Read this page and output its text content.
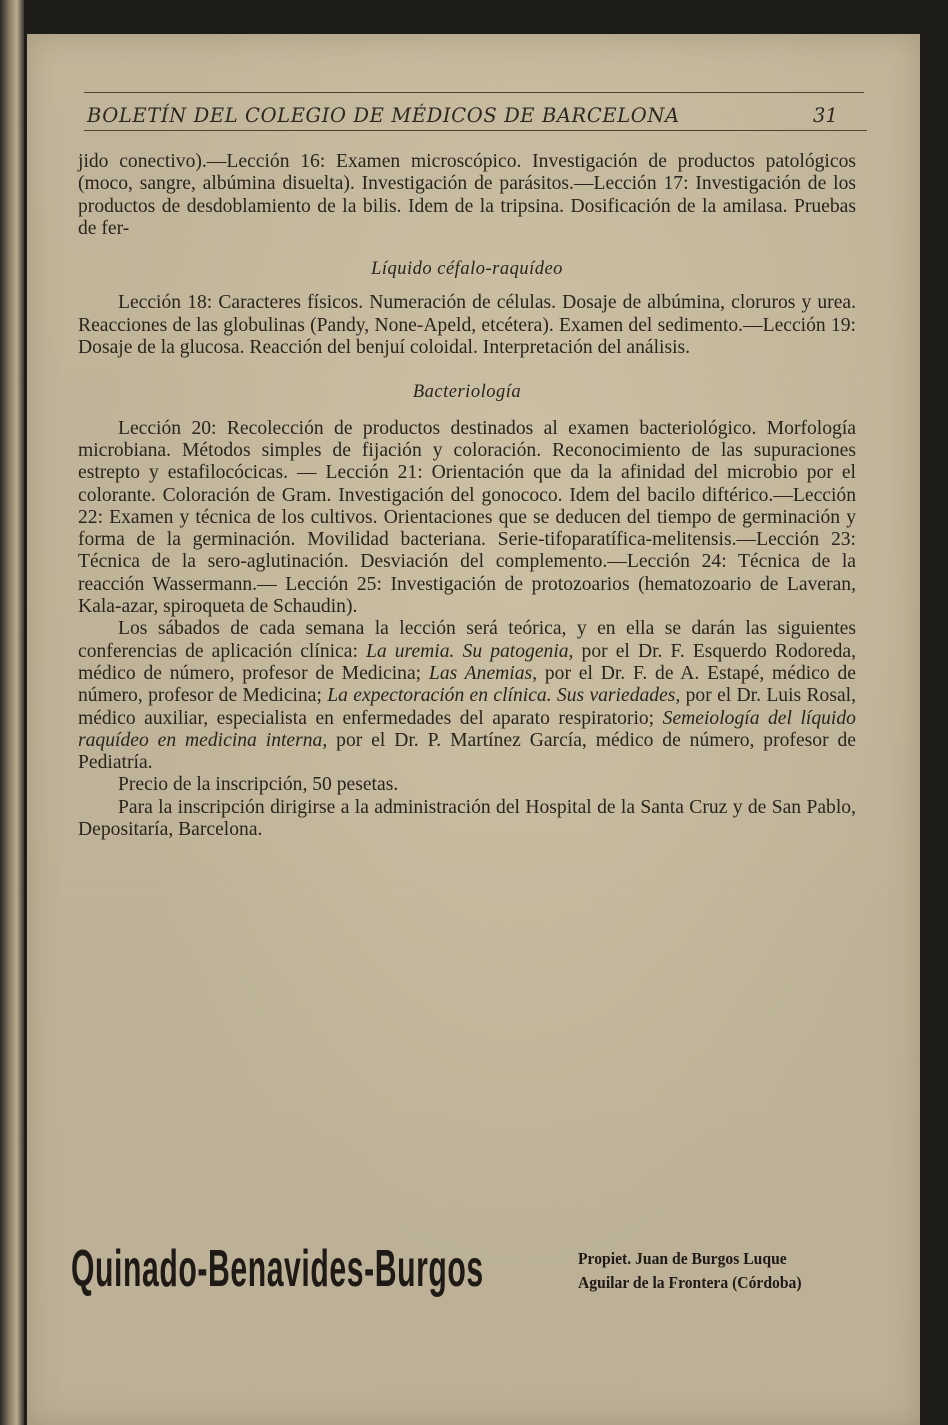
BOLETÍN DEL COLEGIO DE MÉDICOS DE BARCELONA	31

jido conectivo).—Lección 16: Examen microscópico. Investigación de productos patológicos (moco, sangre, albúmina disuelta). Investigación de parásitos.—Lección 17: Investigación de los productos de desdoblamiento de la bilis. Idem de la tripsina. Dosificación de la amilasa. Pruebas de fer-

Líquido céfalo-raquídeo

Lección 18: Caracteres físicos. Numeración de células. Dosaje de albúmina, cloruros y urea. Reacciones de las globulinas (Pandy, None-Apeld, etcétera). Examen del sedimento.—Lección 19: Dosaje de la glucosa. Reacción del benjuí coloidal. Interpretación del análisis.

Bacteriología

Lección 20: Recolección de productos destinados al examen bacteriológico. Morfología microbiana. Métodos simples de fijación y coloración. Reconocimiento de las supuraciones estrepto y estafilocócicas. — Lección 21: Orientación que da la afinidad del microbio por el colorante. Coloración de Gram. Investigación del gonococo. Idem del bacilo diftérico.—Lección 22: Examen y técnica de los cultivos. Orientaciones que se deducen del tiempo de germinación y forma de la germinación. Movilidad bacteriana. Serie-tifoparatífica-melitensis.—Lección 23: Técnica de la sero-aglutinación. Desviación del complemento.—Lección 24: Técnica de la reacción Wassermann.— Lección 25: Investigación de protozoarios (hematozoario de Laveran, Kala-azar, spiroqueta de Schaudin).

Los sábados de cada semana la lección será teórica, y en ella se darán las siguientes conferencias de aplicación clínica: La uremia. Su patogenia, por el Dr. F. Esquerdo Rodoreda, médico de número, profesor de Medicina; Las Anemias, por el Dr. F. de A. Estapé, médico de número, profesor de Medicina; La expectoración en clínica. Sus variedades, por el Dr. Luis Rosal, médico auxiliar, especialista en enfermedades del aparato respiratorio; Semeiología del líquido raquídeo en medicina interna, por el Dr. P. Martínez García, médico de número, profesor de Pediatría.

Precio de la inscripción, 50 pesetas.

Para la inscripción dirigirse a la administración del Hospital de la Santa Cruz y de San Pablo, Depositaría, Barcelona.

Quinado-Benavides-Burgos	Propiet. Juan de Burgos Luque
Aguilar de la Frontera (Córdoba)
